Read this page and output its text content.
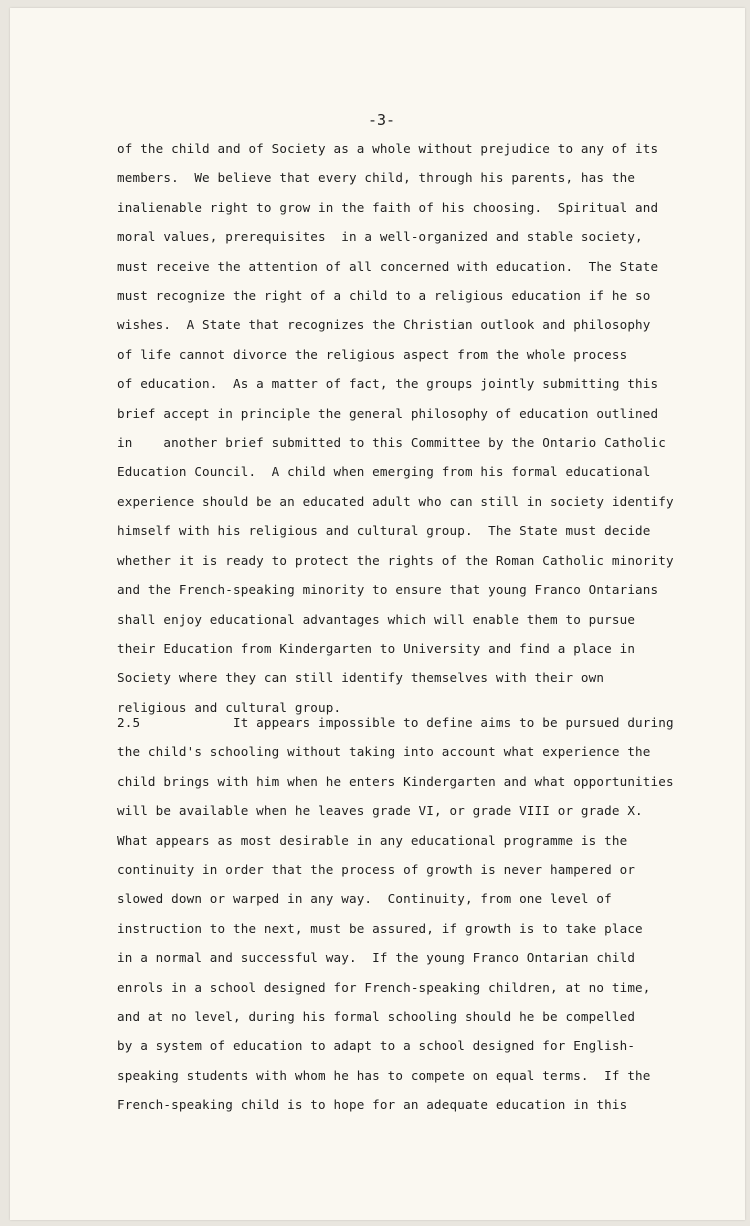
-3-
of the child and of Society as a whole without prejudice to any of its
members.  We believe that every child, through his parents, has the
inalienable right to grow in the faith of his choosing.  Spiritual and
moral values, prerequisites  in a well-organized and stable society,
must receive the attention of all concerned with education.  The State
must recognize the right of a child to a religious education if he so
wishes.  A State that recognizes the Christian outlook and philosophy
of life cannot divorce the religious aspect from the whole process
of education.  As a matter of fact, the groups jointly submitting this
brief accept in principle the general philosophy of education outlined
in    another brief submitted to this Committee by the Ontario Catholic
Education Council.  A child when emerging from his formal educational
experience should be an educated adult who can still in society identify
himself with his religious and cultural group.  The State must decide
whether it is ready to protect the rights of the Roman Catholic minority
and the French-speaking minority to ensure that young Franco Ontarians
shall enjoy educational advantages which will enable them to pursue
their Education from Kindergarten to University and find a place in
Society where they can still identify themselves with their own
religious and cultural group.
2.5            It appears impossible to define aims to be pursued during
the child's schooling without taking into account what experience the
child brings with him when he enters Kindergarten and what opportunities
will be available when he leaves grade VI, or grade VIII or grade X.
What appears as most desirable in any educational programme is the
continuity in order that the process of growth is never hampered or
slowed down or warped in any way.  Continuity, from one level of
instruction to the next, must be assured, if growth is to take place
in a normal and successful way.  If the young Franco Ontarian child
enrols in a school designed for French-speaking children, at no time,
and at no level, during his formal schooling should he be compelled
by a system of education to adapt to a school designed for English-
speaking students with whom he has to compete on equal terms.  If the
French-speaking child is to hope for an adequate education in this
